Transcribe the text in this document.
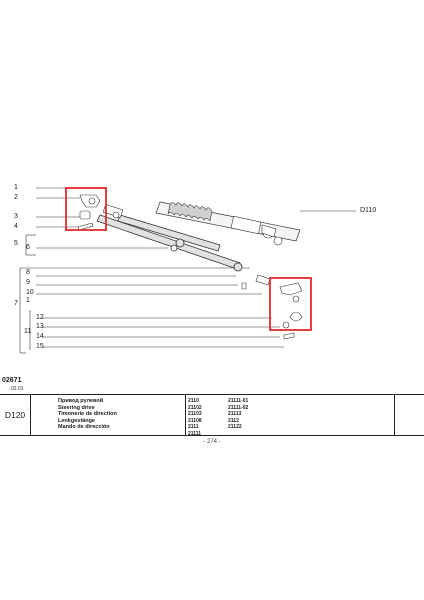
1
2
3
4
5
6
8
9
10
7 1
12
13
11
14
15
D110
02671
→02.01
D120
Привод рулевой
Steering drive
Timonerie de direction
Lenkgestänge
Mando de dirección
2110
21102
21103
21108
2111
21111
21111-01
21111-02
21113
2112
21122
- 274 -
